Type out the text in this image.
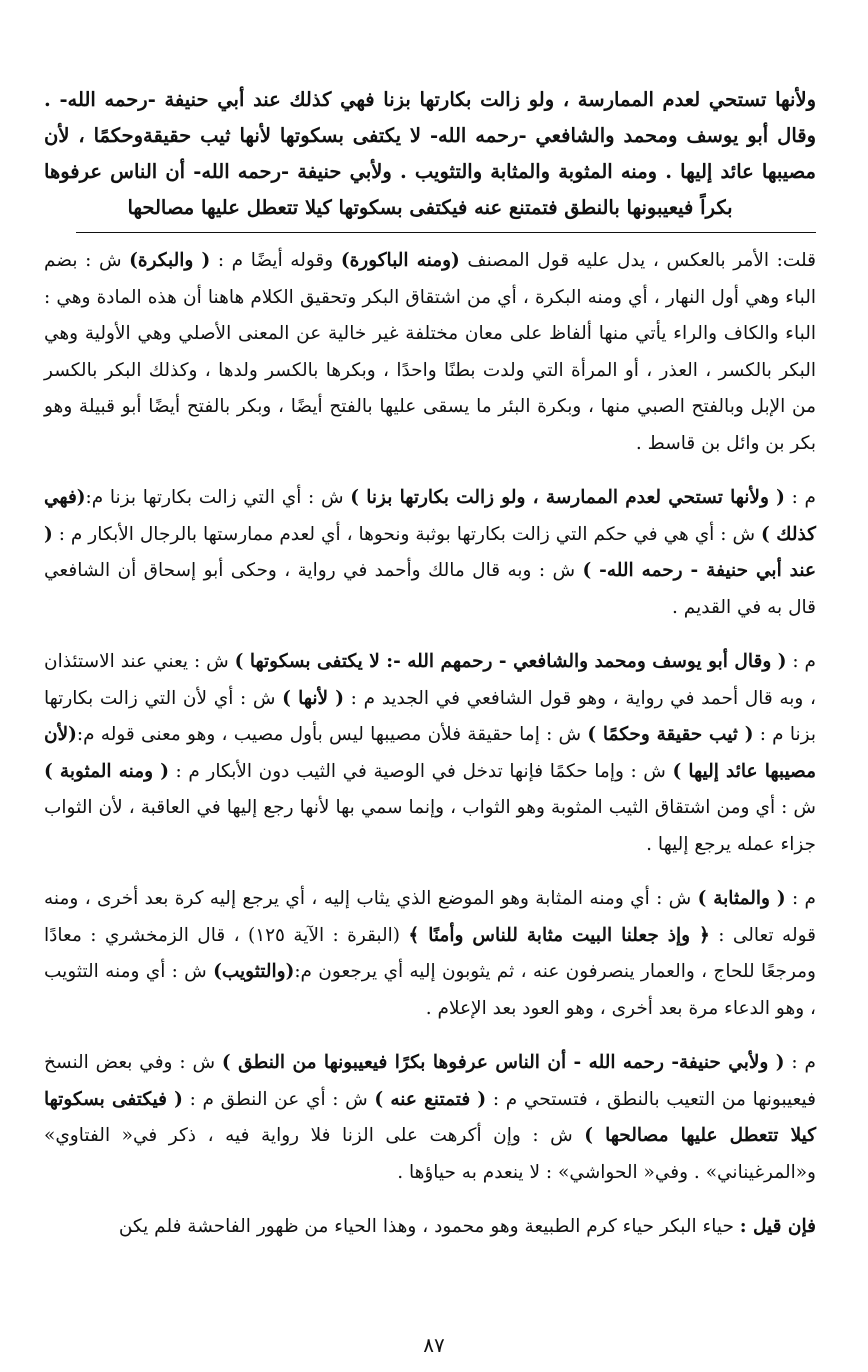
ولأنها تستحي لعدم الممارسة ، ولو زالت بكارتها بزنا فهي كذلك عند أبي حنيفة -رحمه الله- . وقال أبو يوسف ومحمد والشافعي -رحمه الله- لا يكتفى بسكوتها لأنها ثيب حقيقةوحكمًا ، لأن مصيبها عائد إليها . ومنه المثوبة والمثابة والتثويب . ولأبي حنيفة -رحمه الله- أن الناس عرفوها بكراً فيعيبونها بالنطق فتمتنع عنه فيكتفى بسكوتها كيلا تتعطل عليها مصالحها

قلت: الأمر بالعكس ، يدل عليه قول المصنف (ومنه الباكورة) وقوله أيضًا م : ( والبكرة) ش : بضم الباء وهي أول النهار ، أي ومنه البكرة ، أي من اشتقاق البكر وتحقيق الكلام هاهنا أن هذه المادة وهي : الباء والكاف والراء يأتي منها ألفاظ على معان مختلفة غير خالية عن المعنى الأصلي وهي الأولية وهي البكر بالكسر ، العذر ، أو المرأة التي ولدت بطنًا واحدًا ، وبكرها بالكسر ولدها ، وكذلك البكر بالكسر من الإبل وبالفتح الصبي منها ، وبكرة البئر ما يسقى عليها بالفتح أيضًا ، وبكر بالفتح أيضًا أبو قبيلة وهو بكر بن وائل بن قاسط .

م : ( ولأنها تستحي لعدم الممارسة ، ولو زالت بكارتها بزنا ) ش : أي التي زالت بكارتها بزنا م:(فهي كذلك ) ش : أي هي في حكم التي زالت بكارتها بوثبة ونحوها ، أي لعدم ممارستها بالرجال الأبكار م : ( عند أبي حنيفة - رحمه الله- ) ش : وبه قال مالك وأحمد في رواية ، وحكى أبو إسحاق أن الشافعي قال به في القديم .

م : ( وقال أبو يوسف ومحمد والشافعي - رحمهم الله -: لا يكتفى بسكوتها ) ش : يعني عند الاستئذان ، وبه قال أحمد في رواية ، وهو قول الشافعي في الجديد م : ( لأنها ) ش : أي لأن التي زالت بكارتها بزنا م : ( ثيب حقيقة وحكمًا ) ش : إما حقيقة فلأن مصيبها ليس بأول مصيب ، وهو معنى قوله م:(لأن مصيبها عائد إليها ) ش : وإما حكمًا فإنها تدخل في الوصية في الثيب دون الأبكار م : ( ومنه المثوبة ) ش : أي ومن اشتقاق الثيب المثوبة وهو الثواب ، وإنما سمي بها لأنها رجع إليها في العاقبة ، لأن الثواب جزاء عمله يرجع إليها .

م : ( والمثابة ) ش : أي ومنه المثابة وهو الموضع الذي يثاب إليه ، أي يرجع إليه كرة بعد أخرى ، ومنه قوله تعالى : ﴿ وإذ جعلنا البيت مثابة للناس وأمنًا ﴾ (البقرة : الآية ١٢٥) ، قال الزمخشري : معادًا ومرجعًا للحاج ، والعمار ينصرفون عنه ، ثم يثوبون إليه أي يرجعون م:(والتثويب) ش : أي ومنه التثويب ، وهو الدعاء مرة بعد أخرى ، وهو العود بعد الإعلام .

م : ( ولأبي حنيفة- رحمه الله - أن الناس عرفوها بكرًا فيعيبونها من النطق ) ش : وفي بعض النسخ فيعيبونها من التعيب بالنطق ، فتستحي م : ( فتمتنع عنه ) ش : أي عن النطق م : ( فيكتفى بسكوتها كيلا تتعطل عليها مصالحها ) ش : وإن أكرهت على الزنا فلا رواية فيه ، ذكر في« الفتاوي» و«المرغيناني» . وفي« الحواشي» : لا ينعدم به حياؤها .

فإن قيل : حياء البكر حياء كرم الطبيعة وهو محمود ، وهذا الحياء من ظهور الفاحشة فلم يكن

٨٧
